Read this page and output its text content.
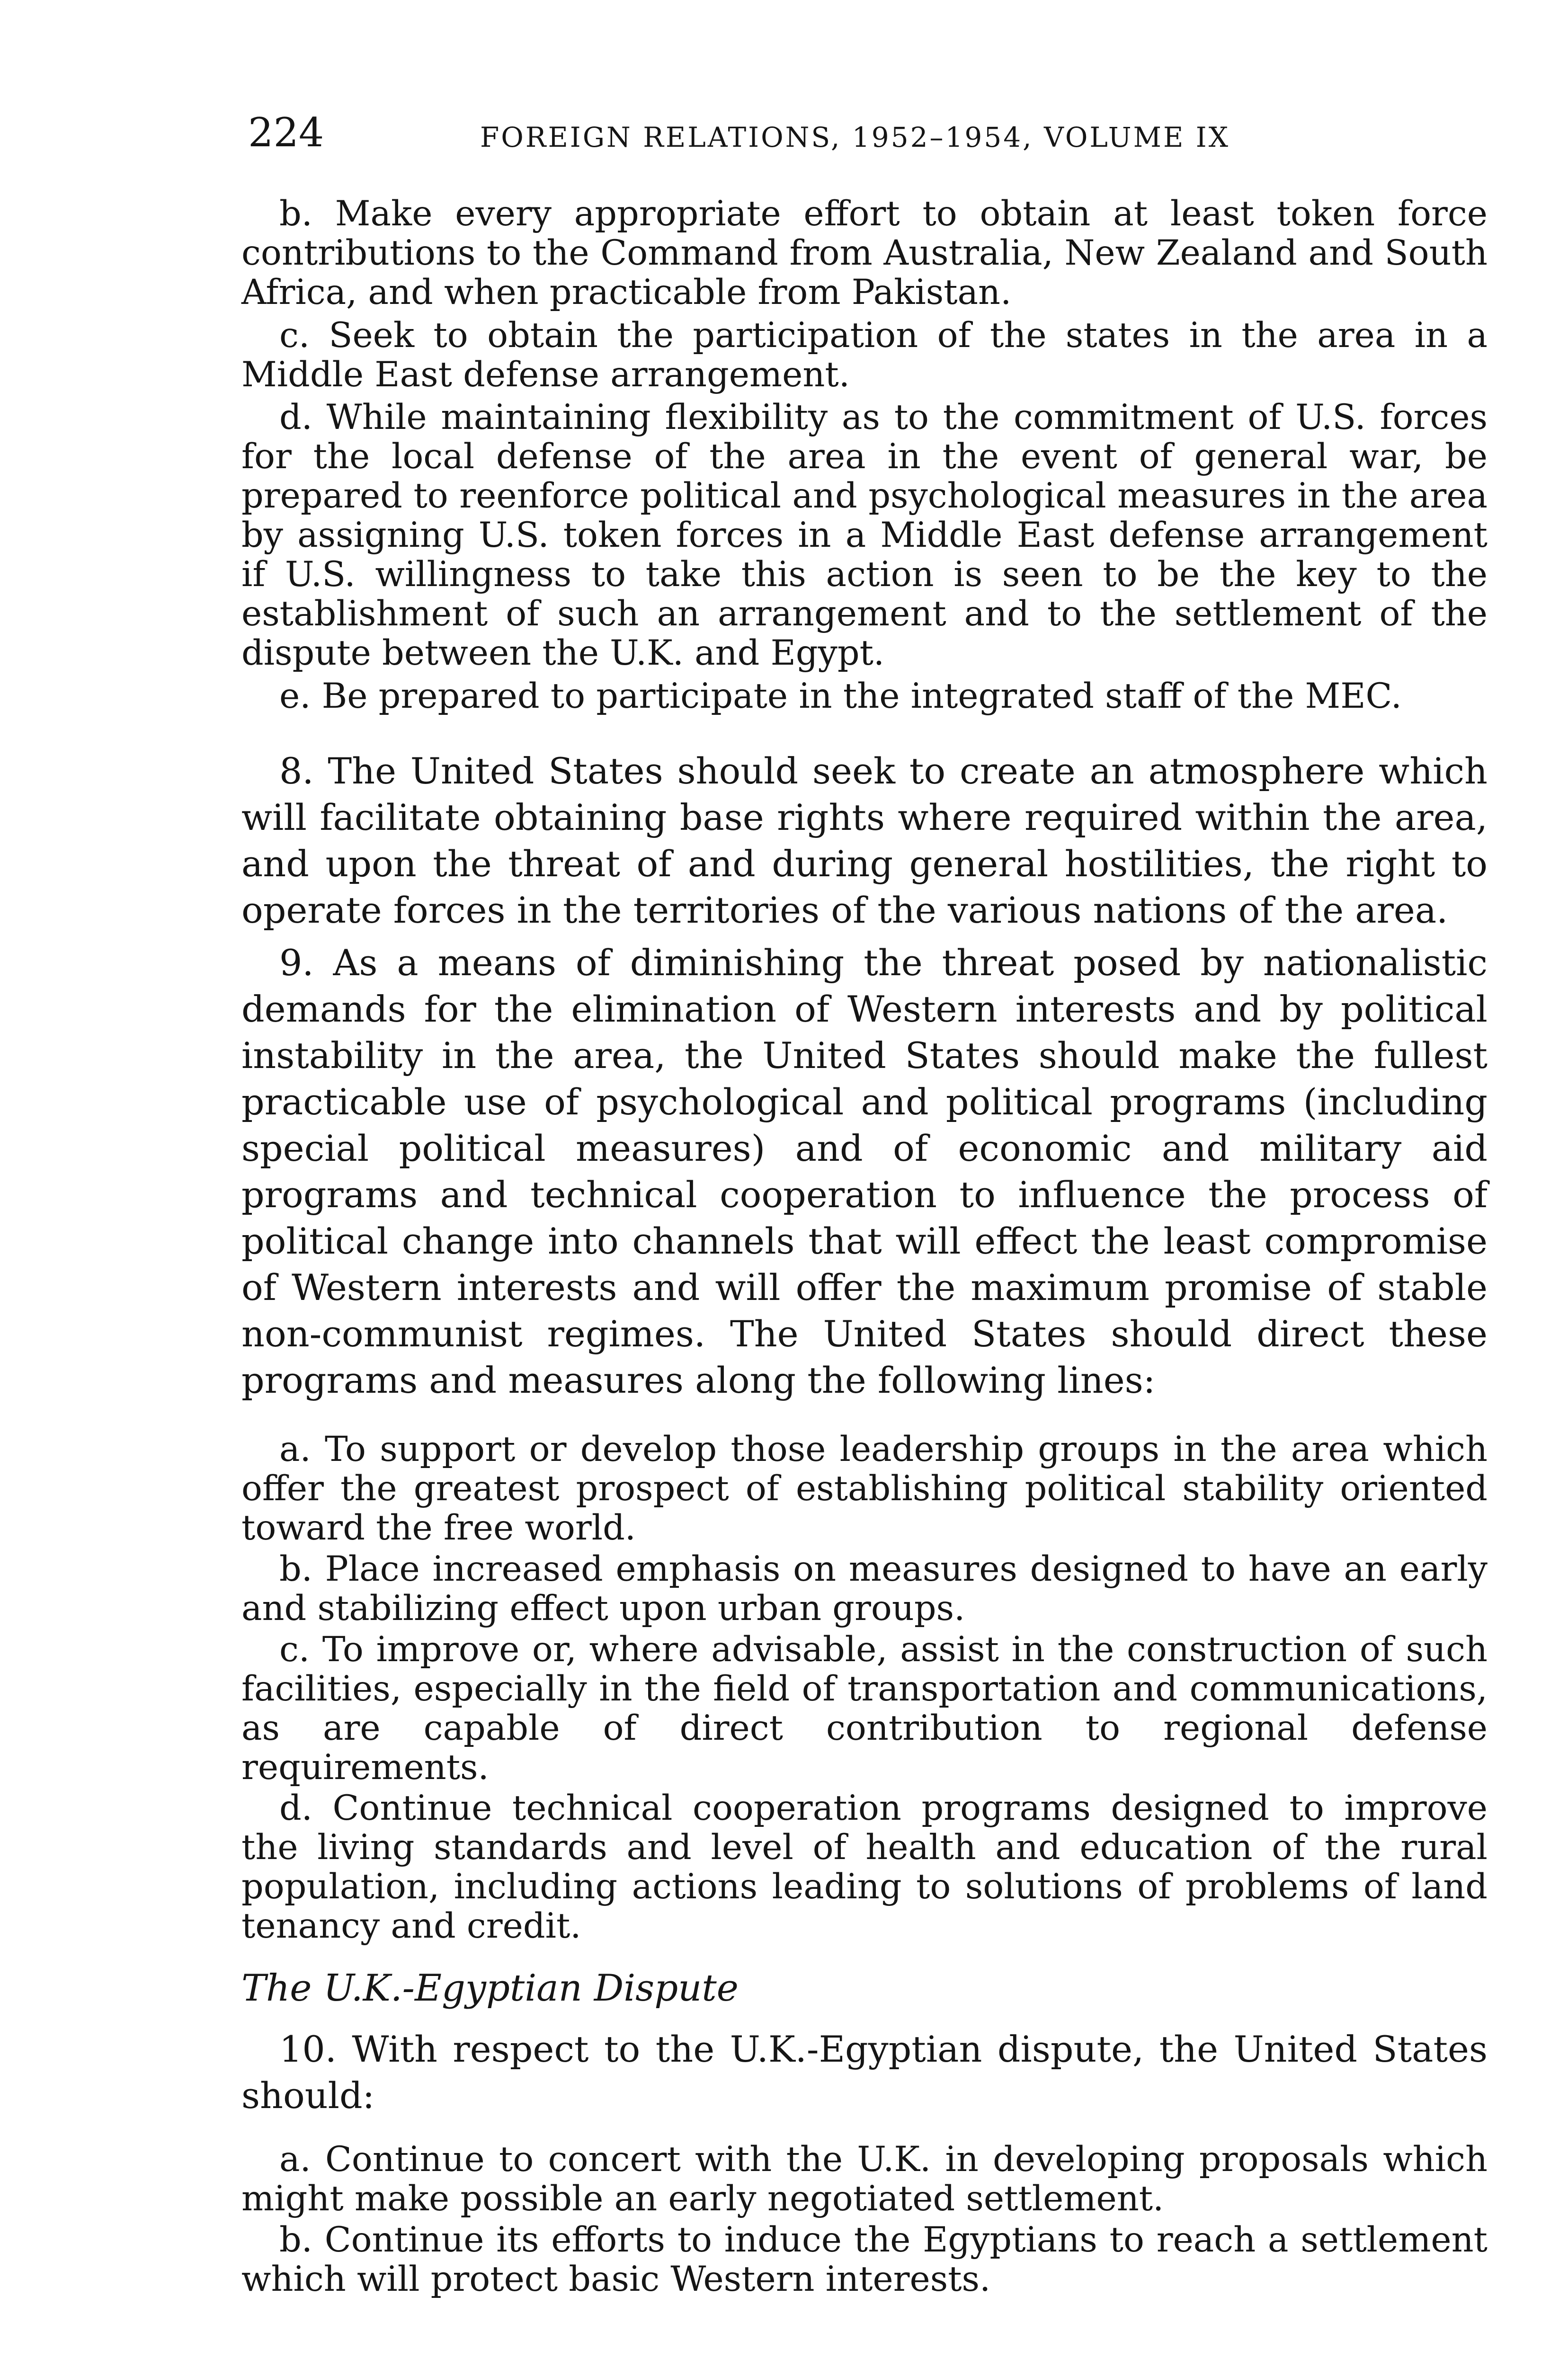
224	FOREIGN RELATIONS, 1952–1954, VOLUME IX

b. Make every appropriate effort to obtain at least token force contributions to the Command from Australia, New Zealand and South Africa, and when practicable from Pakistan.

c. Seek to obtain the participation of the states in the area in a Middle East defense arrangement.

d. While maintaining flexibility as to the commitment of U.S. forces for the local defense of the area in the event of general war, be prepared to reenforce political and psychological measures in the area by assigning U.S. token forces in a Middle East defense arrangement if U.S. willingness to take this action is seen to be the key to the establishment of such an arrangement and to the settlement of the dispute between the U.K. and Egypt.

e. Be prepared to participate in the integrated staff of the MEC.

8. The United States should seek to create an atmosphere which will facilitate obtaining base rights where required within the area, and upon the threat of and during general hostilities, the right to operate forces in the territories of the various nations of the area.

9. As a means of diminishing the threat posed by nationalistic demands for the elimination of Western interests and by political instability in the area, the United States should make the fullest practicable use of psychological and political programs (including special political measures) and of economic and military aid programs and technical cooperation to influence the process of political change into channels that will effect the least compromise of Western interests and will offer the maximum promise of stable non-communist regimes. The United States should direct these programs and measures along the following lines:

a. To support or develop those leadership groups in the area which offer the greatest prospect of establishing political stability oriented toward the free world.

b. Place increased emphasis on measures designed to have an early and stabilizing effect upon urban groups.

c. To improve or, where advisable, assist in the construction of such facilities, especially in the field of transportation and communications, as are capable of direct contribution to regional defense requirements.

d. Continue technical cooperation programs designed to improve the living standards and level of health and education of the rural population, including actions leading to solutions of problems of land tenancy and credit.

The U.K.-Egyptian Dispute

10. With respect to the U.K.-Egyptian dispute, the United States should:

a. Continue to concert with the U.K. in developing proposals which might make possible an early negotiated settlement.

b. Continue its efforts to induce the Egyptians to reach a settlement which will protect basic Western interests.
